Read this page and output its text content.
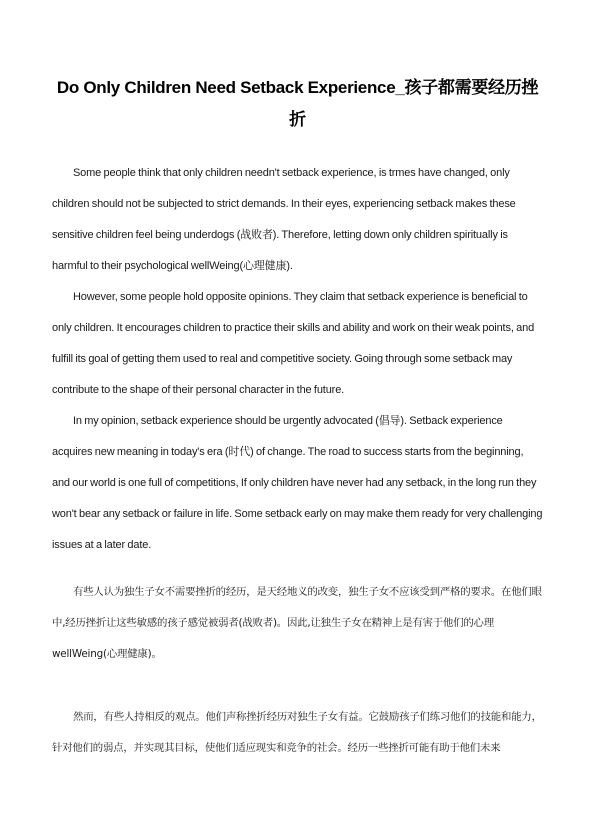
Do Only Children Need Setback Experience_孩子都需要经历挫折

Some people think that only children needn't setback experience, is trmes have changed, only children should not be subjected to strict demands. In their eyes, experiencing setback makes these sensitive children feel being underdogs (战败者). Therefore, letting down only children spiritually is harmful to their psychological wellWeing(心理健康).

However, some people hold opposite opinions. They claim that setback experience is beneficial to only children. It encourages children to practice their skills and ability and work on their weak points, and fulfill its goal of getting them used to real and competitive society. Going through some setback may contribute to the shape of their personal character in the future.

In my opinion, setback experience should be urgently advocated (倡导). Setback experience acquires new meaning in today's era (时代) of change. The road to success starts from the beginning, and our world is one full of competitions, If only children have never had any setback, in the long run they won't bear any setback or failure in life. Some setback early on may make them ready for very challenging issues at a later date.

有些人认为独生子女不需要挫折的经历，是天经地义的改变，独生子女不应该受到严格的要求。在他们眼中,经历挫折让这些敏感的孩子感觉被弱者(战败者)。因此,让独生子女在精神上是有害于他们的心理wellWeing(心理健康)。

然而，有些人持相反的观点。他们声称挫折经历对独生子女有益。它鼓励孩子们练习他们的技能和能力，针对他们的弱点，并实现其目标，使他们适应现实和竞争的社会。经历一些挫折可能有助于他们未来
